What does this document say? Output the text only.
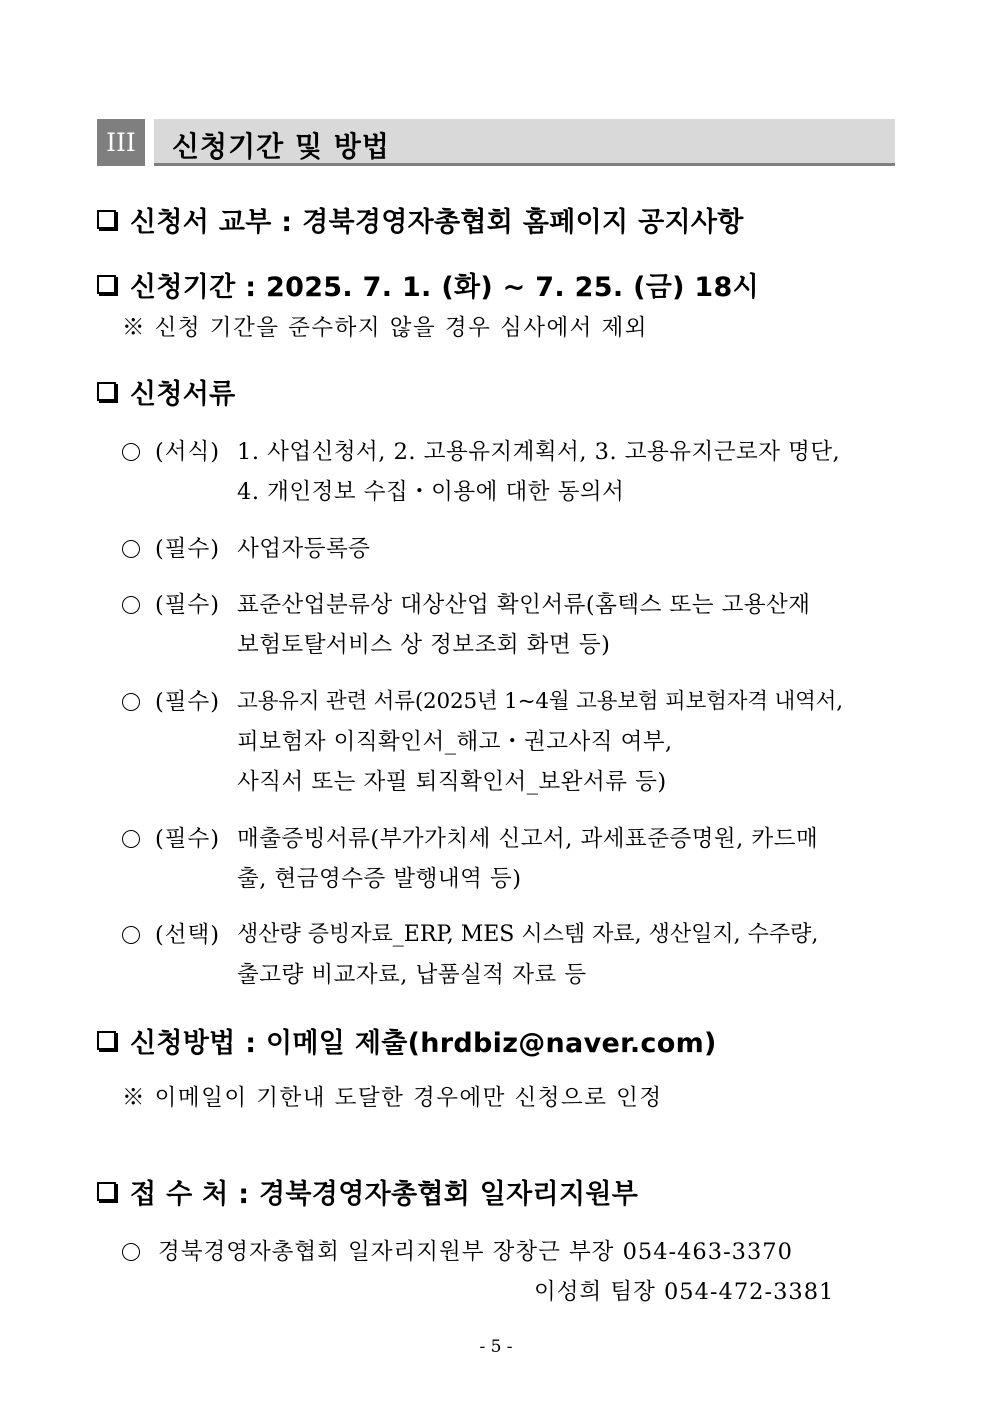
III	신청기간 및 방법
신청서 교부 : 경북경영자총협회 홈페이지 공지사항
신청기간 : 2025. 7. 1. (화) ~ 7. 25. (금) 18시
※ 신청 기간을 준수하지 않을 경우 심사에서 제외
신청서류
(서식) 1. 사업신청서, 2. 고용유지계획서, 3. 고용유지근로자 명단,
4. 개인정보 수집・이용에 대한 동의서
(필수) 사업자등록증
(필수) 표준산업분류상 대상산업 확인서류(홈텍스 또는 고용산재
보험토탈서비스 상 정보조회 화면 등)
(필수) 고용유지 관련 서류(2025년 1~4월 고용보험 피보험자격 내역서,
피보험자 이직확인서_해고・권고사직 여부,
사직서 또는 자필 퇴직확인서_보완서류 등)
(필수) 매출증빙서류(부가가치세 신고서, 과세표준증명원, 카드매
출, 현금영수증 발행내역 등)
(선택) 생산량 증빙자료_ERP, MES 시스템 자료, 생산일지, 수주량,
출고량 비교자료, 납품실적 자료 등
신청방법 : 이메일 제출(hrdbiz@naver.com)
※ 이메일이 기한내 도달한 경우에만 신청으로 인정
접 수 처 : 경북경영자총협회 일자리지원부
경북경영자총협회 일자리지원부 장창근 부장 054-463-3370
이성희 팀장 054-472-3381
- 5 -
